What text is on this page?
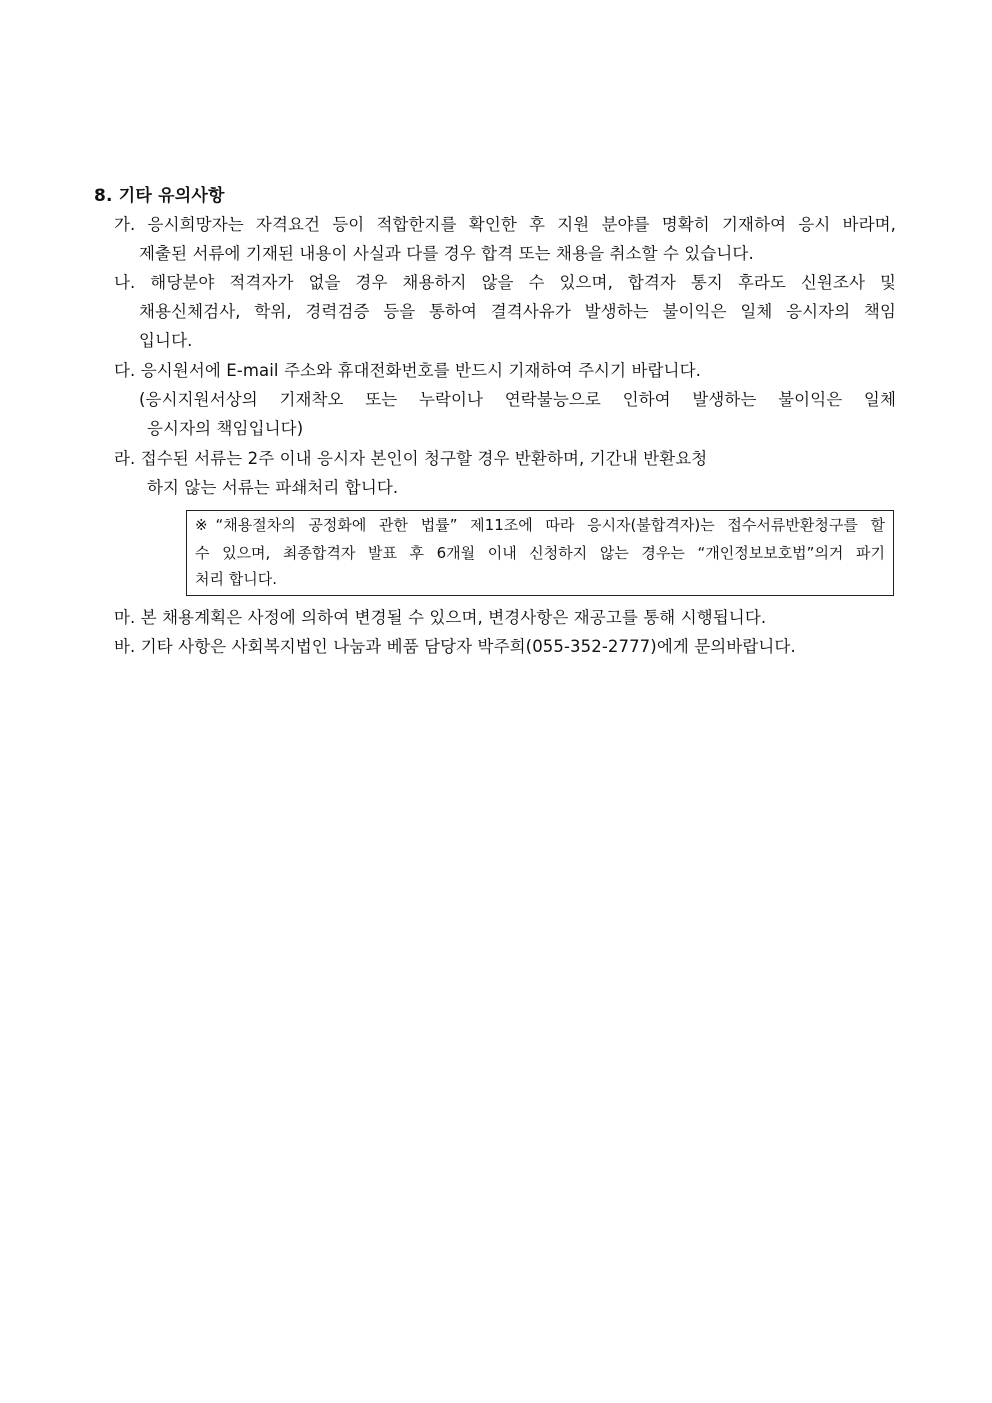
8. 기타 유의사항
가. 응시희망자는 자격요건 등이 적합한지를 확인한 후 지원 분야를 명확히 기재하여 응시 바라며,
제출된 서류에 기재된 내용이 사실과 다를 경우 합격 또는 채용을 취소할 수 있습니다.
나. 해당분야 적격자가 없을 경우 채용하지 않을 수 있으며, 합격자 통지 후라도 신원조사 및
채용신체검사, 학위, 경력검증 등을 통하여 결격사유가 발생하는 불이익은 일체 응시자의 책임
입니다.
다. 응시원서에 E-mail 주소와 휴대전화번호를 반드시 기재하여 주시기 바랍니다.
(응시지원서상의 기재착오 또는 누락이나 연락불능으로 인하여 발생하는 불이익은 일체
응시자의 책임입니다)
라. 접수된 서류는 2주 이내 응시자 본인이 청구할 경우 반환하며, 기간내 반환요청
하지 않는 서류는 파쇄처리 합니다.
※“채용절차의 공정화에 관한 법률” 제11조에 따라 응시자(불합격자)는 접수서류반환청구를 할
수 있으며, 최종합격자 발표 후 6개월 이내 신청하지 않는 경우는 “개인정보보호법”의거 파기
처리 합니다.
마. 본 채용계획은 사정에 의하여 변경될 수 있으며, 변경사항은 재공고를 통해 시행됩니다.
바. 기타 사항은 사회복지법인 나눔과 베품 담당자 박주희(055-352-2777)에게 문의바랍니다.
